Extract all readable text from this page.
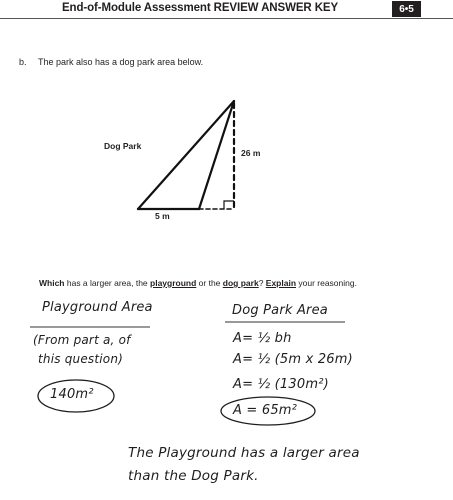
End-of-Module Assessment REVIEW ANSWER KEY	6•5
b. The park also has a dog park area below.
Dog Park
26 m
5 m
Which has a larger area, the playground or the dog park? Explain your reasoning.
Playground Area
(From part a, of
this question)
140m²
Dog Park Area
A= ½ bh
A= ½ (5m x 26m)
A= ½ (130m²)
A = 65m²
The Playground has a larger area
than the Dog Park.
